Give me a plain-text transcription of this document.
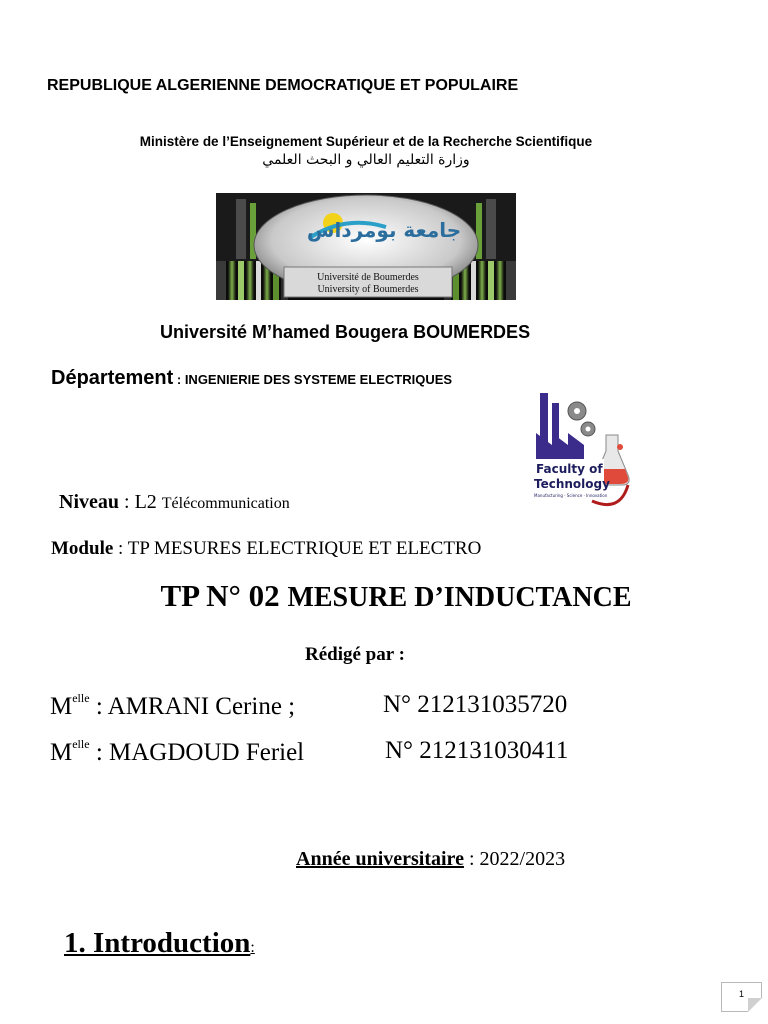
REPUBLIQUE ALGERIENNE DEMOCRATIQUE ET POPULAIRE
Ministère de l’Enseignement Supérieur et de la Recherche Scientifique
وزارة التعليم العالي و البحث العلمي
جامعة بومرداس
Université de Boumerdes
University of Boumerdes
Université M’hamed Bougera BOUMERDES
Département : INGENIERIE DES SYSTEME ELECTRIQUES
Faculty of
Technology
Manufacturing · Science · Innovation
Niveau : L2 Télécommunication
Module : TP MESURES ELECTRIQUE ET ELECTRO
TP N° 02 MESURE D’INDUCTANCE
Rédigé par :
$M^{elle}$ : AMRANI Cerine ;	N° 212131035720
$M^{elle}$ : MAGDOUD Feriel	N° 212131030411
Année universitaire : 2022/2023
1. Introduction:
1
